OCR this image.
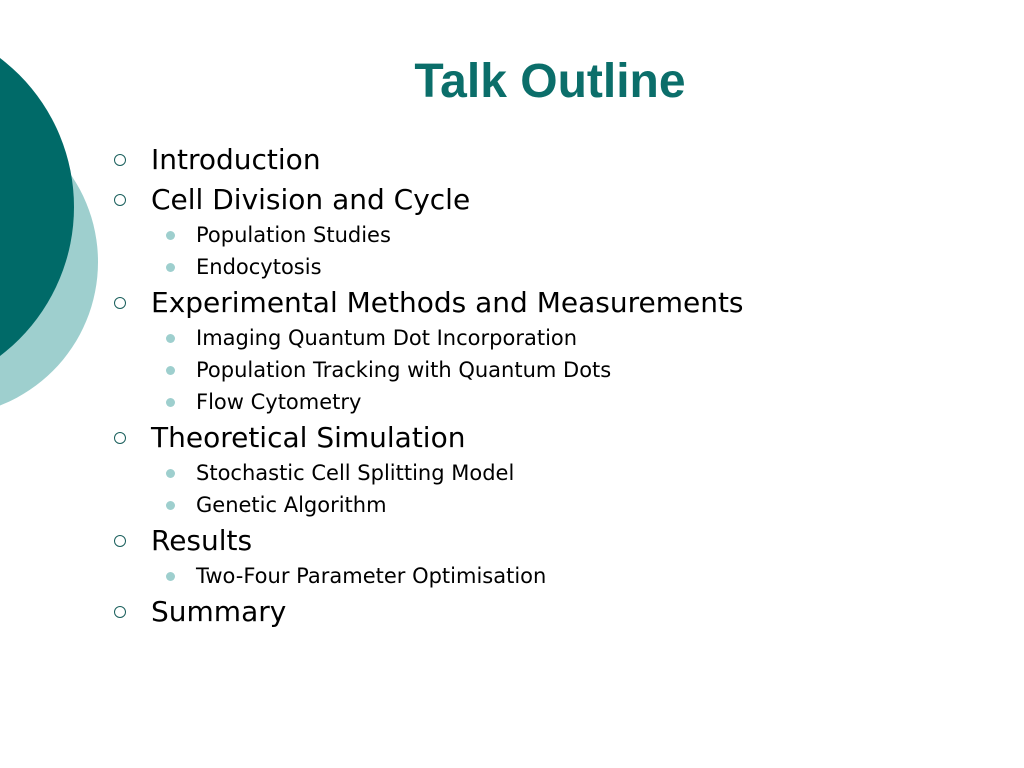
Talk Outline
Introduction
Cell Division and Cycle
Population Studies
Endocytosis
Experimental Methods and Measurements
Imaging Quantum Dot Incorporation
Population Tracking with Quantum Dots
Flow Cytometry
Theoretical Simulation
Stochastic Cell Splitting Model
Genetic Algorithm
Results
Two-Four Parameter Optimisation
Summary
